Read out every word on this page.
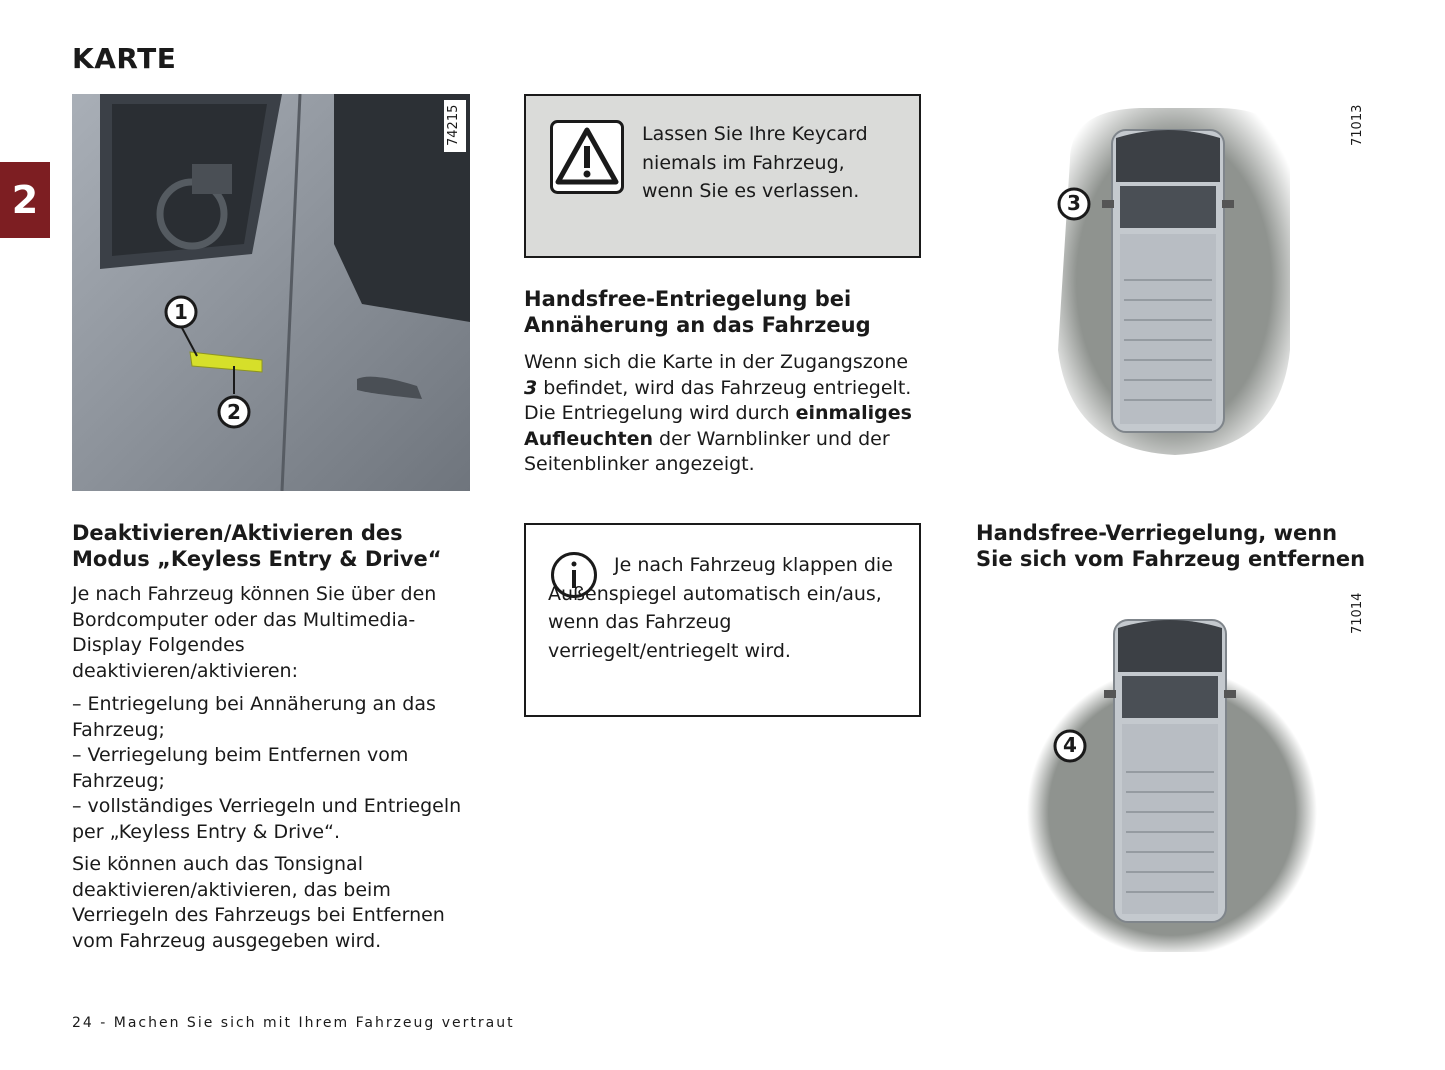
KARTE
2
1
2
74215
Deaktivieren/Aktivieren des Modus „Keyless Entry & Drive“

Je nach Fahrzeug können Sie über den Bordcomputer oder das Multimedia-Display Folgendes deaktivieren/aktivieren:

– Entriegelung bei Annäherung an das Fahrzeug;
– Verriegelung beim Entfernen vom Fahrzeug;
– vollständiges Verriegeln und Entriegeln per „Keyless Entry & Drive“.

Sie können auch das Tonsignal deaktivieren/aktivieren, das beim Verriegeln des Fahrzeugs bei Entfernen vom Fahrzeug ausgegeben wird.

Lassen Sie Ihre Keycard niemals im Fahrzeug, wenn Sie es verlassen.
Handsfree-Entriegelung bei Annäherung an das Fahrzeug

Wenn sich die Karte in der Zugangszone 3 befindet, wird das Fahrzeug entriegelt. Die Entriegelung wird durch einmaliges Aufleuchten der Warnblinker und der Seitenblinker angezeigt.

Je nach Fahrzeug klappen die Außenspiegel automatisch ein/aus, wenn das Fahrzeug verriegelt/entriegelt wird.
3
71013
Handsfree-Verriegelung, wenn Sie sich vom Fahrzeug entfernen
4
71014
24 - Machen Sie sich mit Ihrem Fahrzeug vertraut
